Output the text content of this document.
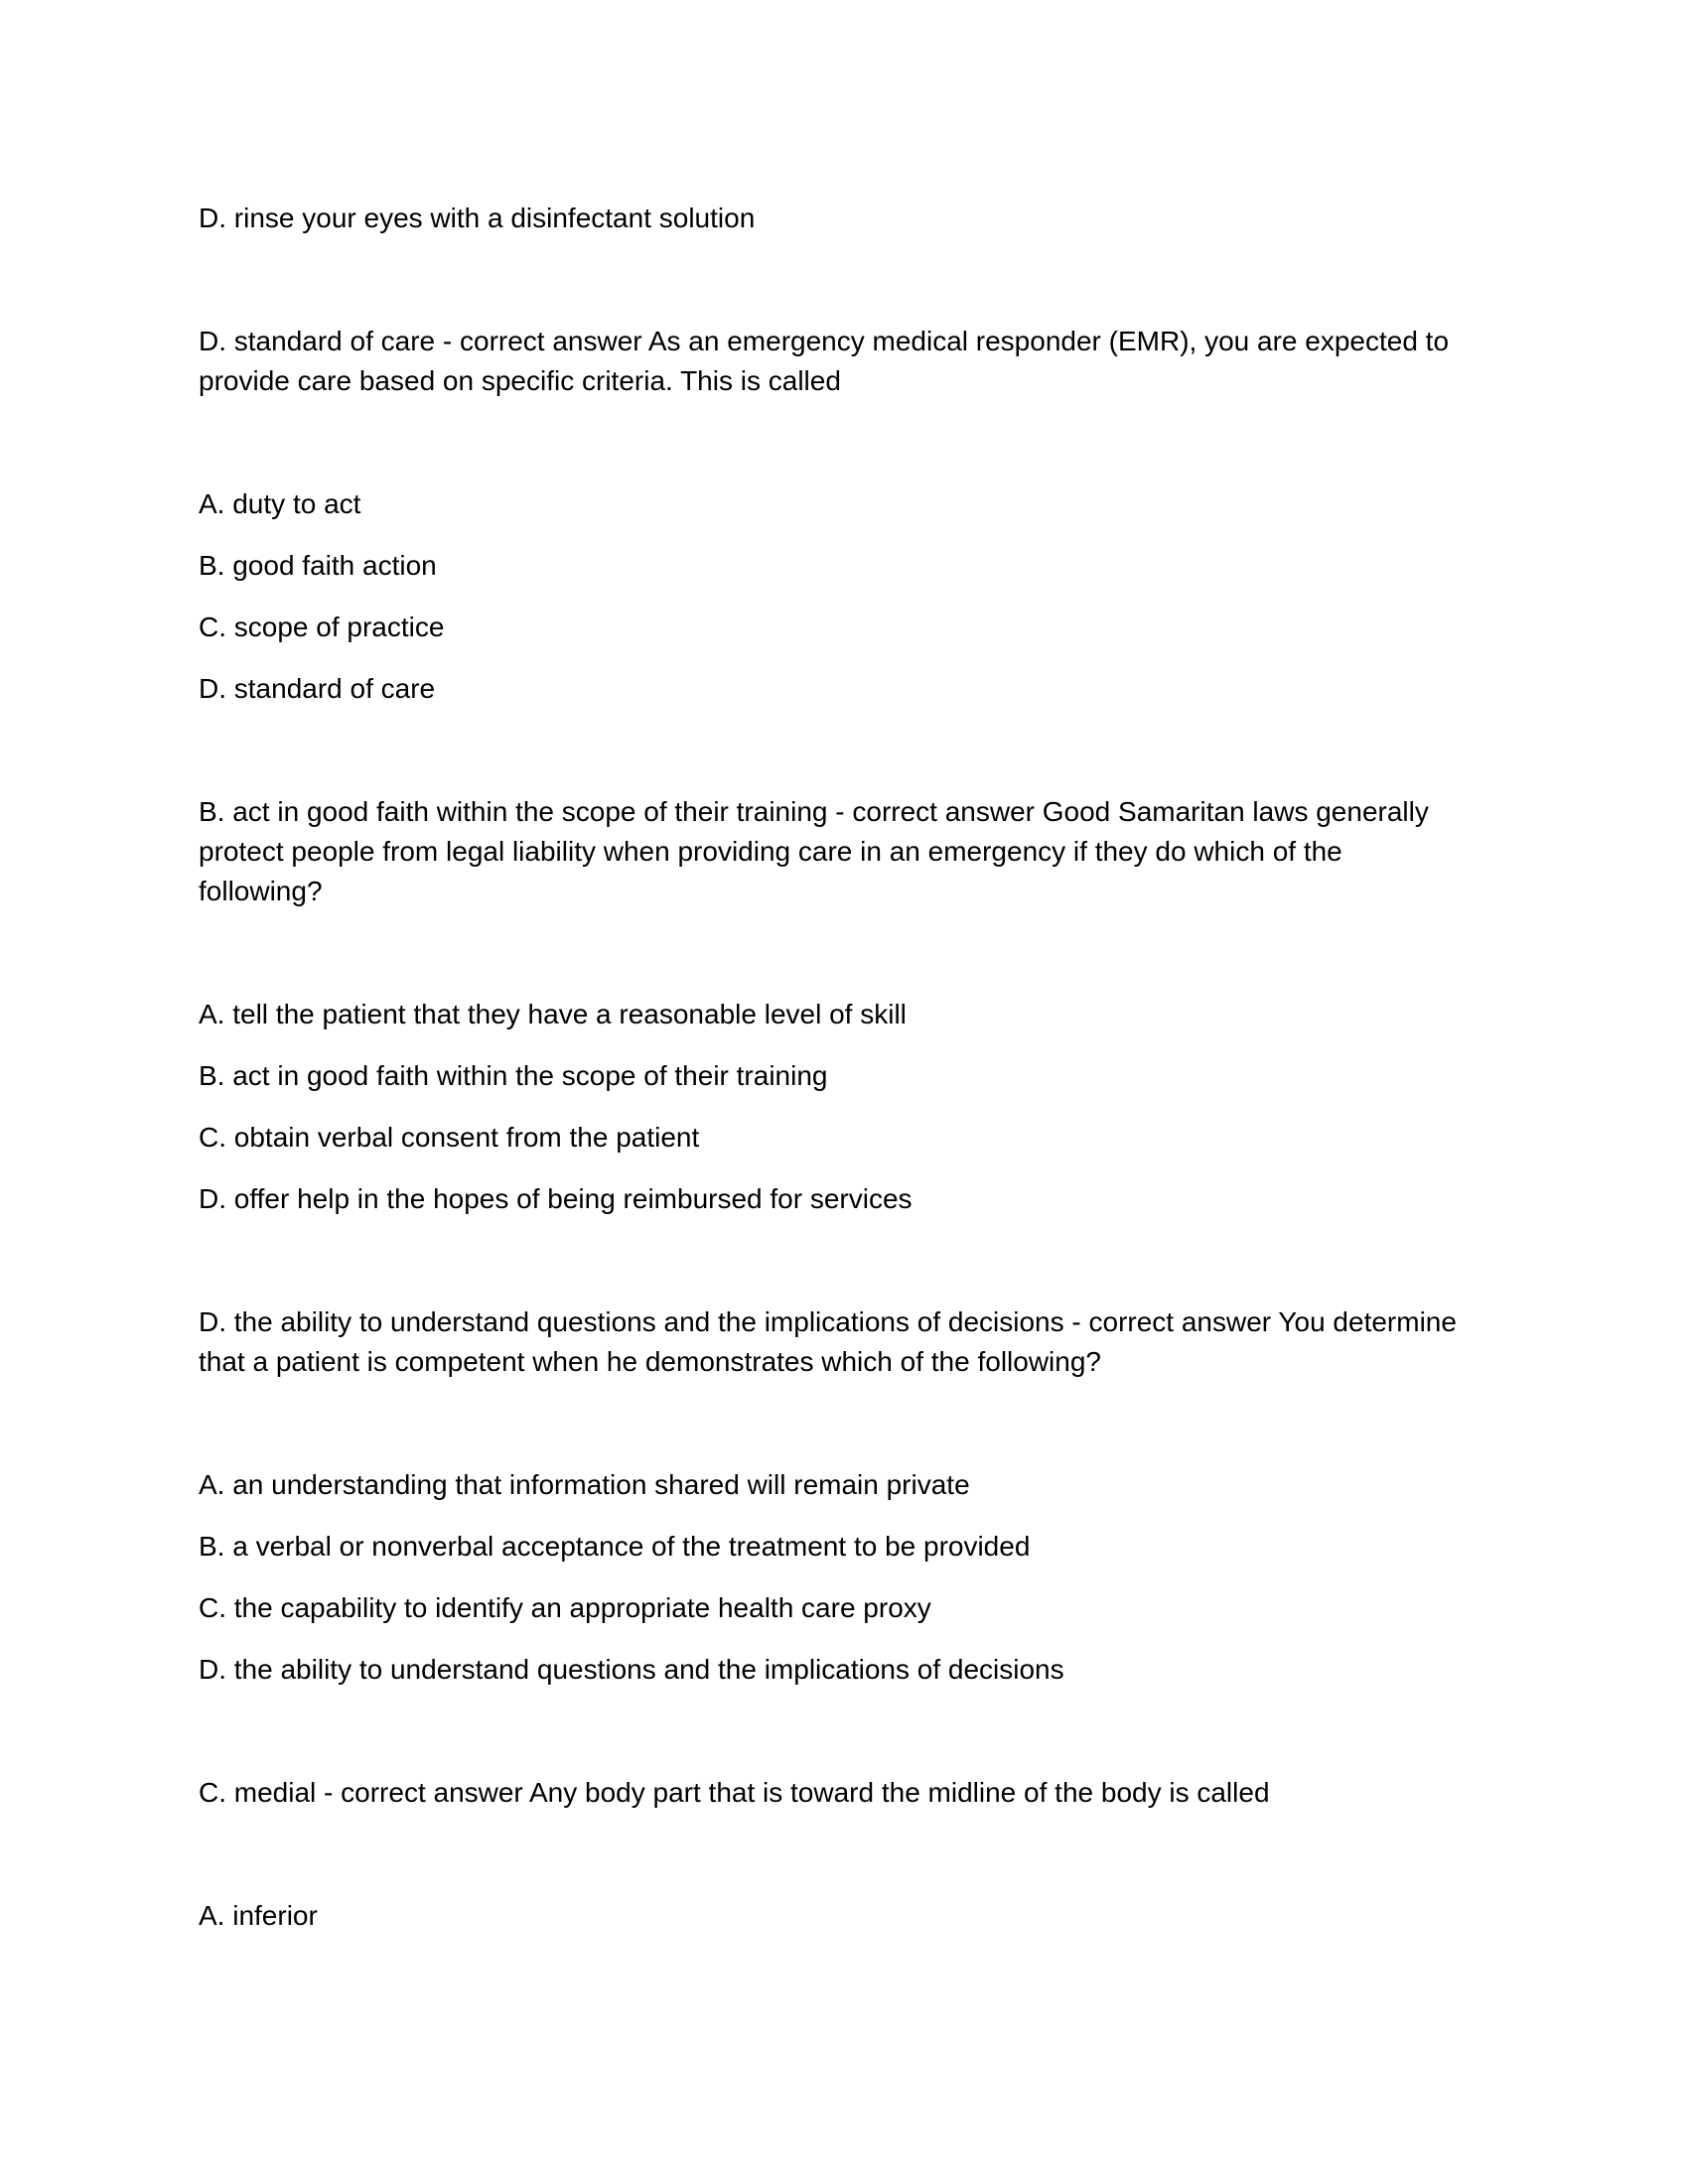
D. rinse your eyes with a disinfectant solution
D. standard of care - correct answer As an emergency medical responder (EMR), you are expected to
provide care based on specific criteria. This is called
A. duty to act
B. good faith action
C. scope of practice
D. standard of care
B. act in good faith within the scope of their training - correct answer Good Samaritan laws generally
protect people from legal liability when providing care in an emergency if they do which of the
following?
A. tell the patient that they have a reasonable level of skill
B. act in good faith within the scope of their training
C. obtain verbal consent from the patient
D. offer help in the hopes of being reimbursed for services
D. the ability to understand questions and the implications of decisions - correct answer You determine
that a patient is competent when he demonstrates which of the following?
A. an understanding that information shared will remain private
B. a verbal or nonverbal acceptance of the treatment to be provided
C. the capability to identify an appropriate health care proxy
D. the ability to understand questions and the implications of decisions
C. medial - correct answer Any body part that is toward the midline of the body is called
A. inferior
